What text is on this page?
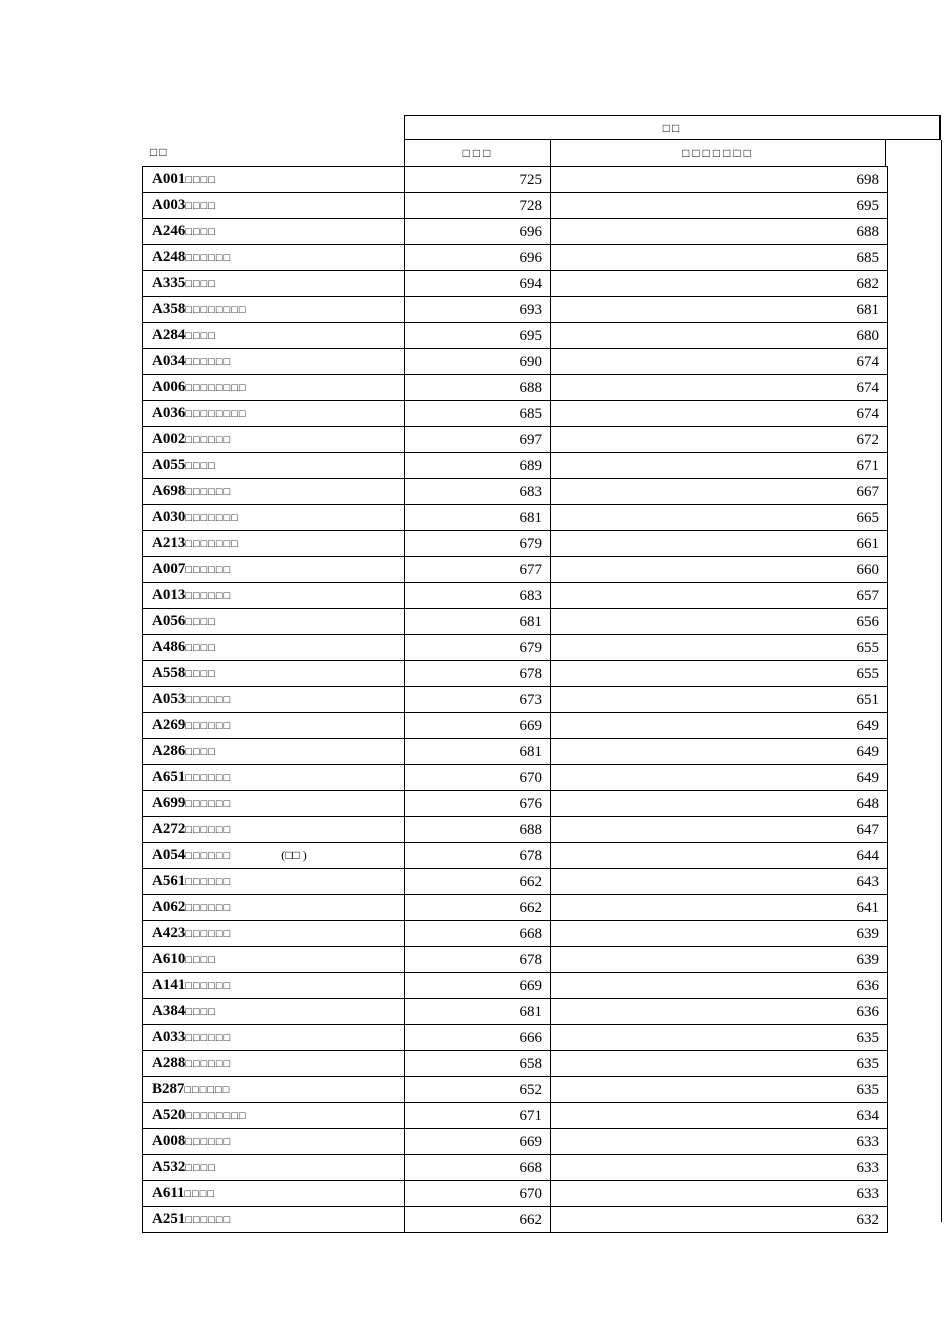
□□
□□	□□□	□□□□□□□
A001□□□□	725	698
A003□□□□	728	695
A246□□□□	696	688
A248□□□□□□	696	685
A335□□□□	694	682
A358□□□□□□□□	693	681
A284□□□□	695	680
A034□□□□□□	690	674
A006□□□□□□□□	688	674
A036□□□□□□□□	685	674
A002□□□□□□	697	672
A055□□□□	689	671
A698□□□□□□	683	667
A030□□□□□□□	681	665
A213□□□□□□□	679	661
A007□□□□□□	677	660
A013□□□□□□	683	657
A056□□□□	681	656
A486□□□□	679	655
A558□□□□	678	655
A053□□□□□□	673	651
A269□□□□□□	669	649
A286□□□□	681	649
A651□□□□□□	670	649
A699□□□□□□	676	648
A272□□□□□□	688	647
A054□□□□□□ (□□ )	678	644
A561□□□□□□	662	643
A062□□□□□□	662	641
A423□□□□□□	668	639
A610□□□□	678	639
A141□□□□□□	669	636
A384□□□□	681	636
A033□□□□□□	666	635
A288□□□□□□	658	635
B287□□□□□□	652	635
A520□□□□□□□□	671	634
A008□□□□□□	669	633
A532□□□□	668	633
A611□□□□	670	633
A251□□□□□□	662	632
